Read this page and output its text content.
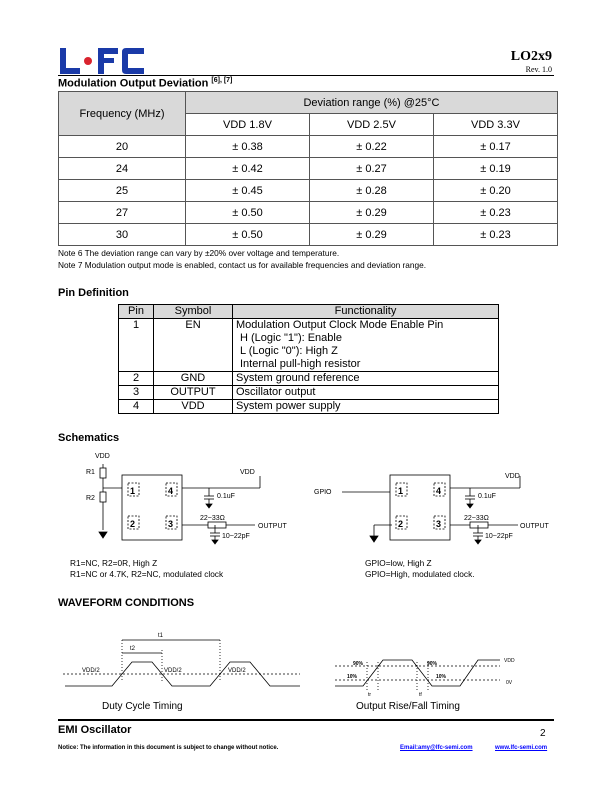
LO2x9
Rev. 1.0
Modulation Output Deviation [6], [7]
Frequency (MHz)	Deviation range (%) @25°C		
	VDD 1.8V	VDD 2.5V	VDD 3.3V
20	± 0.38	± 0.22	± 0.17
24	± 0.42	± 0.27	± 0.19
25	± 0.45	± 0.28	± 0.20
27	± 0.50	± 0.29	± 0.23
30	± 0.50	± 0.29	± 0.23
Note 6 The deviation range can vary by ±20% over voltage and temperature.
Note 7 Modulation output mode is enabled, contact us for available frequencies and deviation range.
Pin Definition
Pin	Symbol	Functionality
1	EN	Modulation Output Clock Mode Enable Pin
H (Logic "1"): Enable
L (Logic "0"): High Z
Internal pull-high resistor

2	GND	System ground reference
3	OUTPUT	Oscillator output
4	VDD	System power supply
Schematics
VDD
R1
R2
VDD
0.1uF
22~33Ω
OUTPUT
10~22pF
1	4
2	3
R1=NC, R2=0R, High Z
R1=NC or 4.7K, R2=NC, modulated clock
GPIO
VDD
0.1uF
22~33Ω
OUTPUT
10~22pF
1	4
2	3
GPIO=low, High Z
GPIO=High, modulated clock.
WAVEFORM CONDITIONS
t1
t2
VDD/2	VDD/2	VDD/2
90%
10%
90%
10%
tr	tf
VDD
0V
Duty Cycle Timing	Output Rise/Fall Timing
EMI Oscillator	2
Notice: The information in this document is subject to change without notice.	Email:amy@lfc-semi.com	www.lfc-semi.com
